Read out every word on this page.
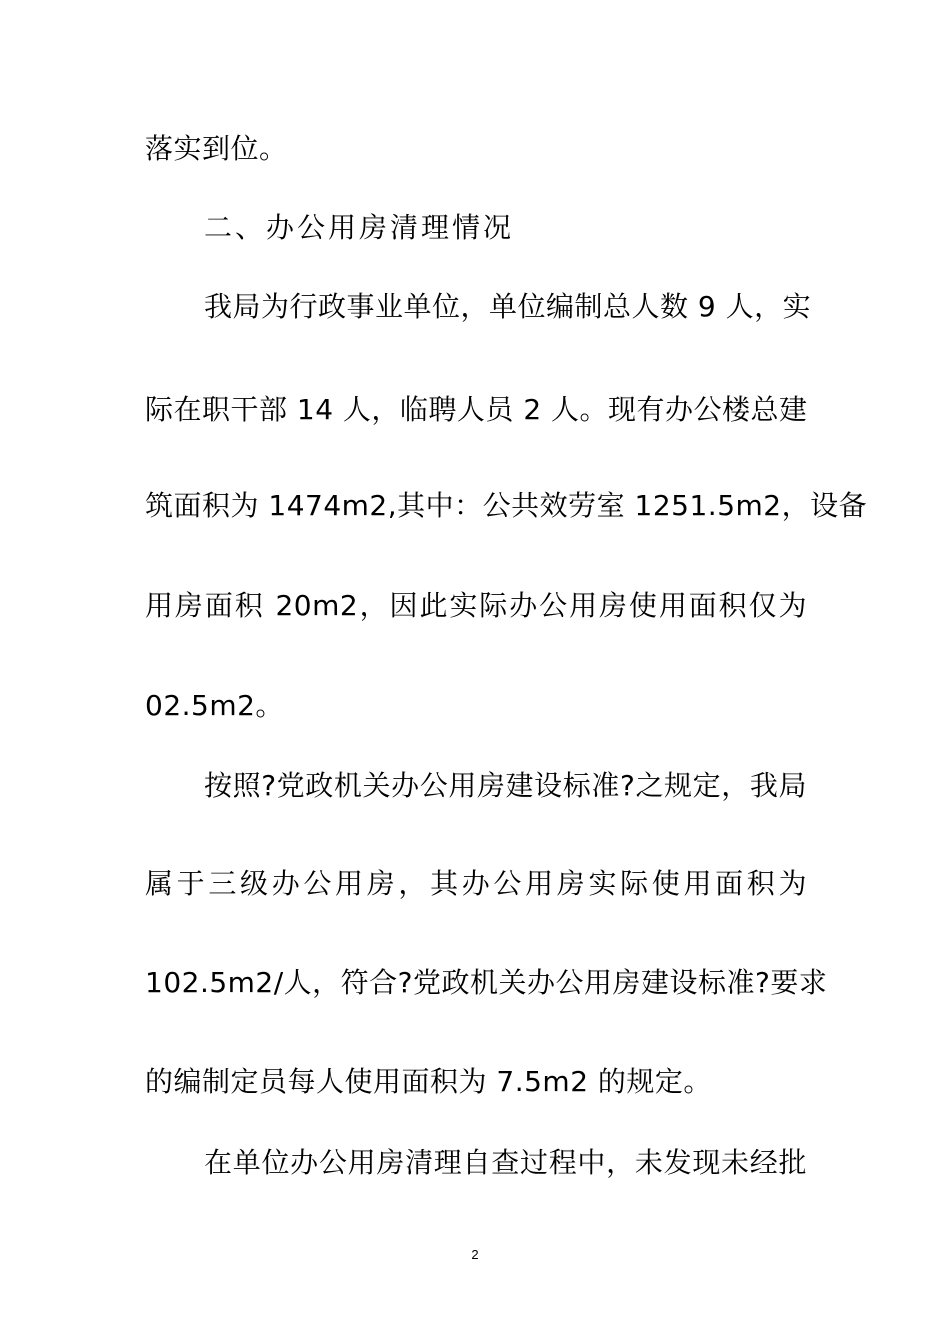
落实到位。
二、办公用房清理情况
我局为行政事业单位，单位编制总人数 9 人，实
际在职干部 14 人，临聘人员 2 人。现有办公楼总建
筑面积为 1474m2,其中：公共效劳室 1251.5m2，设备
用房面积 20m2，因此实际办公用房使用面积仅为
02.5m2。
按照?党政机关办公用房建设标准?之规定，我局
属于三级办公用房，其办公用房实际使用面积为
102.5m2/人，符合?党政机关办公用房建设标准?要求
的编制定员每人使用面积为 7.5m2 的规定。
在单位办公用房清理自查过程中，未发现未经批
2
